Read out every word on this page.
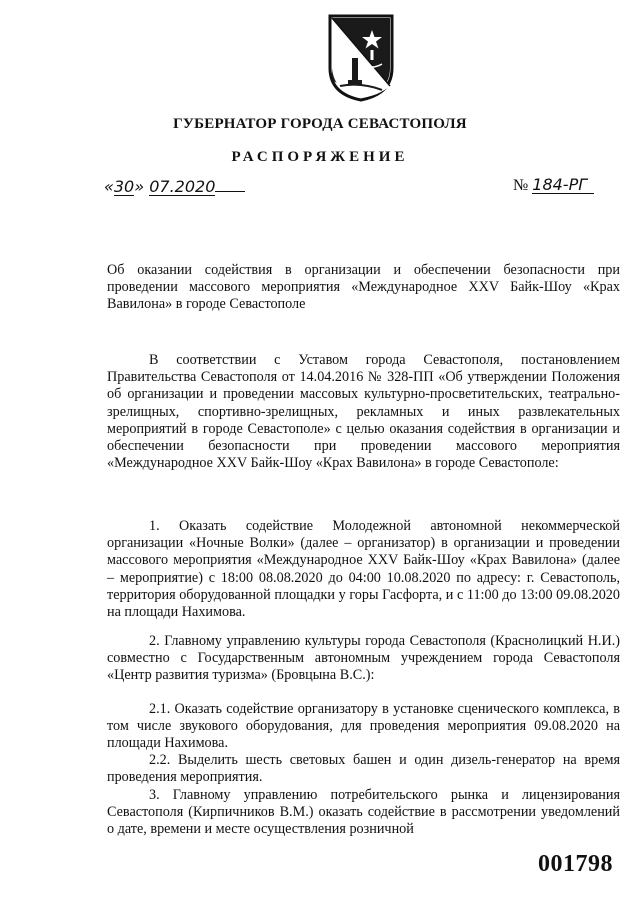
ГУБЕРНАТОР ГОРОДА СЕВАСТОПОЛЯ
РАСПОРЯЖЕНИЕ
«30» 07.2020	№ 184-РГ

Об оказании содействия в организации и обеспечении безопасности при проведении массового мероприятия «Международное XXV Байк-Шоу «Крах Вавилона» в городе Севастополе

В соответствии с Уставом города Севастополя, постановлением Правительства Севастополя от 14.04.2016 № 328-ПП «Об утверждении Положения об организации и проведении массовых культурно-просветительских, театрально-зрелищных, спортивно-зрелищных, рекламных и иных развлекательных мероприятий в городе Севастополе» с целью оказания содействия в организации и обеспечении безопасности при проведении массового мероприятия «Международное XXV Байк-Шоу «Крах Вавилона» в городе Севастополе:

1. Оказать содействие Молодежной автономной некоммерческой организации «Ночные Волки» (далее – организатор) в организации и проведении массового мероприятия «Международное XXV Байк-Шоу «Крах Вавилона» (далее – мероприятие) с 18:00 08.08.2020 до 04:00 10.08.2020 по адресу: г. Севастополь, территория оборудованной площадки у горы Гасфорта, и с 11:00 до 13:00 09.08.2020 на площади Нахимова.

2. Главному управлению культуры города Севастополя (Краснолицкий Н.И.) совместно с Государственным автономным учреждением города Севастополя «Центр развития туризма» (Бровцына В.С.):

2.1. Оказать содействие организатору в установке сценического комплекса, в том числе звукового оборудования, для проведения мероприятия 09.08.2020 на площади Нахимова.

2.2. Выделить шесть световых башен и один дизель-генератор на время проведения мероприятия.

3. Главному управлению потребительского рынка и лицензирования Севастополя (Кирпичников В.М.) оказать содействие в рассмотрении уведомлений о дате, времени и месте осуществления розничной

001798
